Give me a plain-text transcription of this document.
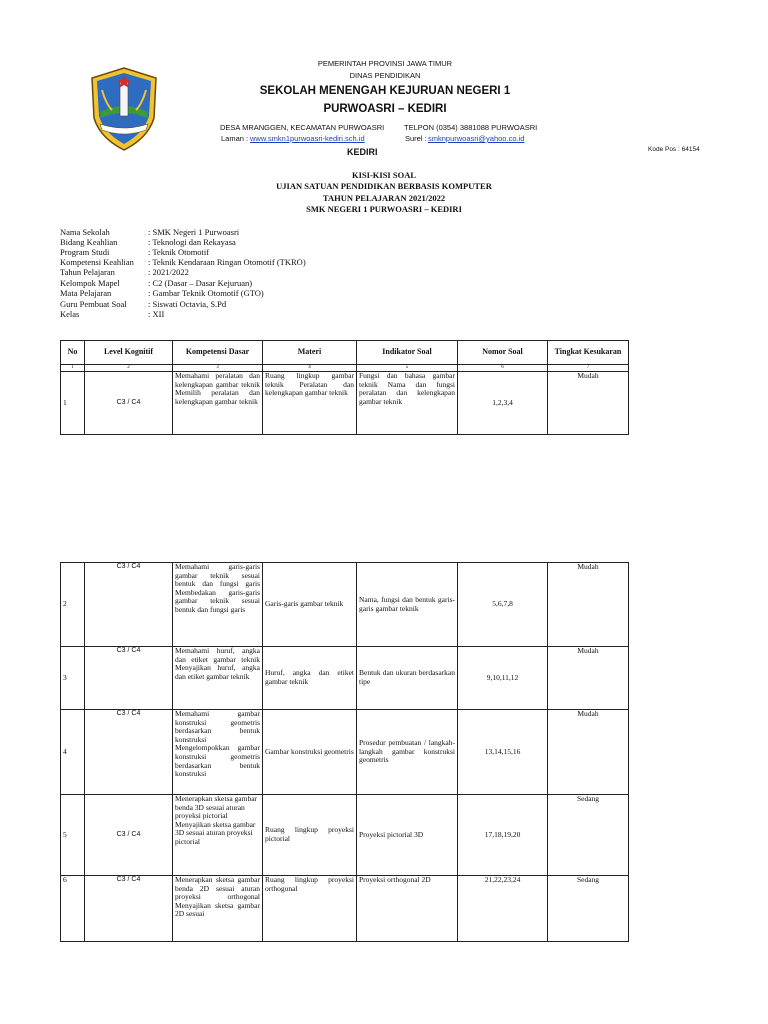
PEMERINTAH PROVINSI JAWA TIMUR
DINAS PENDIDIKAN
SEKOLAH MENENGAH KEJURUAN NEGERI 1
PURWOASRI – KEDIRI
DESA MRANGGEN, KECAMATAN PURWOASRI	TELPON (0354) 3881088 PURWOASRI
Laman : www.smkn1purwoasri-kediri.sch.id	Surel : smknpurwoasri@yahoo.co.id
KEDIRI	Kode Pos : 64154
KISI-KISI SOAL
UJIAN SATUAN PENDIDIKAN BERBASIS KOMPUTER
TAHUN PELAJARAN 2021/2022
SMK NEGERI 1 PURWOASRI – KEDIRI
Nama Sekolah	: SMK Negeri 1 Purwoasri
Bidang Keahlian	: Teknologi dan Rekayasa
Program Studi	: Teknik Otomotif
Kompetensi Keahlian : Teknik Kendaraan Ringan Otomotif (TKRO)
Tahun Pelajaran	: 2021/2022
Kelompok Mapel	: C2 (Dasar – Dasar Kejuruan)
Mata Pelajaran	: Gambar Teknik Otomotif (GTO)
Guru Pembuat Soal	: Siswati Octavia, S.Pd
Kelas	: XII
No	Level Kognitif	Kompetensi Dasar	Materi	Indikator Soal	Nomor Soal	Tingkat Kesukaran
1	2	3	4	5	6	7
1	C3 / C4	Memahami peralatan dan kelengkapan gambar teknik Memilih peralatan dan kelengkapan gambar teknik	Ruang lingkup gambar teknik Peralatan dan kelengkapan gambar teknik	Fungsi dan bahasa gambar teknik Nama dan fungsi peralatan dan kelengkapan gambar teknik	1,2,3,4	Mudah
2	C3 / C4	Memahami garis-garis gambar teknik sesuai bentuk dan fungsi garis Membedakan garis-garis gambar teknik sesuai bentuk dan fungsi garis	Garis-garis gambar teknik	Nama, fungsi dan bentuk garis-garis gambar teknik	5,6,7,8	Mudah
3	C3 / C4	Memahami huruf, angka dan etiket gambar teknik Menyajikan huruf, angka dan etiket gambar teknik	Huruf, angka dan etiket gambar teknik	Bentuk dan ukuran berdasarkan tipe	9,10,11,12	Mudah
4	C3 / C4	Memahami gambar konstruksi geometris berdasarkan bentuk konstruksi Mengelompokkan gambar konstruksi geometris berdasarkan bentuk konstruksi	Gambar konstruksi geometris	Prosedur pembuatan / langkah-langkah gambar konstruksi geometris	13,14,15,16	Mudah
5	C3 / C4	Menerapkan sketsa gambar benda 3D sesuai aturan proyeksi pictorial Menyajikan sketsa gambar 3D sesuai aturan proyeksi pictorial	Ruang lingkup proyeksi pictorial	Proyeksi pictorial 3D	17,18,19,20	Sedang
6	C3 / C4	Menerapkan sketsa gambar benda 2D sesuai aturan proyeksi orthogonal Menyajikan sketsa gambar 2D sesuai	Ruang lingkup proyeksi orthogonal	Proyeksi orthogonal 2D	21,22,23,24	Sedang
